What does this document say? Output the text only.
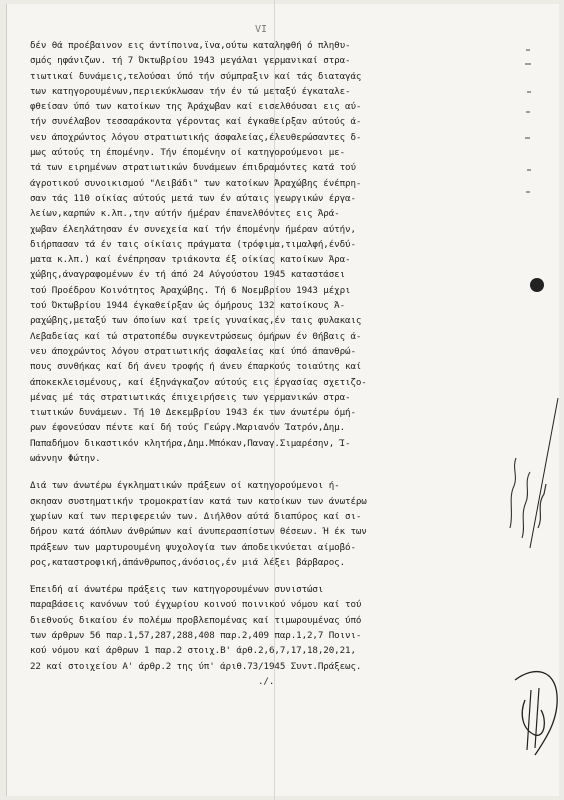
VI
δέν θά προέβαινον εις άντίποινα,ϊνα,ούτω καταληφθή ό πληθυ-
σμός ηφάνιζων. τή 7 Όκτωβρίου 1943 μεγάλαι γερμανικαί στρα-
τιωτικαί δυνάμεις,τελούσαι ύπό τήν σύμπραξιν καί τάς διαταγάς
των κατηγορουμένων,περιεκύκλωσαν τήν έν τώ μεταξύ έγκαταλε-
φθείσαν ύπό των κατοίκων της Άράχωβαν καί εισελθόυσαι εις αύ-
τήν συνέλαβον τεσσαράκοντα γέροντας καί έγκαθείρξαν αύτούς ά-
νευ άποχρώντος λόγου στρατιωτικής άσφαλείας,έλευθερώσαντες δ-
μως αύτούς τη έπομένην. Τήν έπομένην οί κατηγορούμενοι με-
τά των ειρημένων στρατιωτικών δυνάμεων έπιδραμόντες κατά τού
άγροτικού συνοικισμού "Λειβάδι" των κατοίκων Άραχώβης ένέπρη-
σαν τάς 110 οίκίας αύτούς μετά των έν αύταις γεωργικών έργα-
λείων,καρπών κ.λπ.,την αύτήν ήμέραν έπανελθόντες εις Άρά-
χωβαν έλεηλάτησαν έν συνεχεία καί τήν έπομένην ήμέραν αύτήν,
διήρπασαν τά έν ταις οίκίαις πράγματα (τρόφιμα,τιμαλφή,ένδύ-
ματα κ.λπ.) καί ένέπρησαν τριάκοντα έξ οίκίας κατοίκων Άρα-
χώβης,άναγραφομένων έν τή άπό 24 Αύγούστου 1945 καταστάσει
τού Προέδρου Κοινότητος Άραχώβης. Τή 6 Νοεμβρίου 1943 μέχρι
τού Όκτωβρίου 1944 έγκαθείρξαν ώς όμήρους 132 κατοίκους Ά-
ραχώβης,μεταξύ των όποίων καί τρείς γυναίκας,έν ταις φυλακαις
Λεβαδείας καί τώ στρατοπέδω συγκεντρώσεως όμήρων έν Θήβαις ά-
νευ άποχρώντος λόγου στρατιωτικής άσφαλείας καί ύπό άπανθρώ-
πους συνθήκας καί δή άνευ τροφής ή άνευ έπαρκούς τοιαύτης καί
άποκεκλεισμένους, καί έξηνάγκαζον αύτούς εις έργασίας σχετιζο-
μένας μέ τάς στρατιωτικάς έπιχειρήσεις των γερμανικών στρα-
τιωτικών δυνάμεων. Τή 10 Δεκεμβρίου 1943 έκ των άνωτέρω όμή-
ρων έφονεύσαν πέντε καί δή τούς Γεώργ.Μαριανόν Ίατρόν,Δημ.
Παπαδήμον δικαστικόν κλητήρα,Δημ.Μπόκαν,Παναγ.Σιμαρέσην, Ί-
ωάννην Φώτην.
Διά των άνωτέρω έγκληματικών πράξεων οί κατηγορούμενοι ή-
σκησαν συστηματικήν τρομοκρατίαν κατά των κατοίκων των άνωτέρω
χωρίων καί των περιφερειών των. Διήλθον αύτά διαπύρος καί σι-
δήρου κατά άόπλων άνθρώπων καί άνυπερασπίστων θέσεων. Ή έκ των
πράξεων των μαρτυρουμένη ψυχολογία των άποδεικνύεται αίμοβό-
ρος,καταστροφική,άπάνθρωπος,άνόσιος,έν μιά λέξει βάρβαρος.
Έπειδή αί άνωτέρω πράξεις των κατηγορουμένων συνιστώσι
παραβάσεις κανόνων τού έγχωρίου κοινού ποινικού νόμου καί τού
διεθνούς δικαίου έν πολέμω προβλεπομένας καί τιμωρουμένας ύπό
των άρθρων 56 παρ.1,57,287,288,408 παρ.2,409 παρ.1,2,7 Ποινι-
κού νόμου καί άρθρων 1 παρ.2 στοιχ.Β' άρθ.2,6,7,17,18,20,21,
22 καί στοιχείου Α' άρθρ.2 της ύπ' άριθ.73/1945 Συντ.Πράξεως.
./.
